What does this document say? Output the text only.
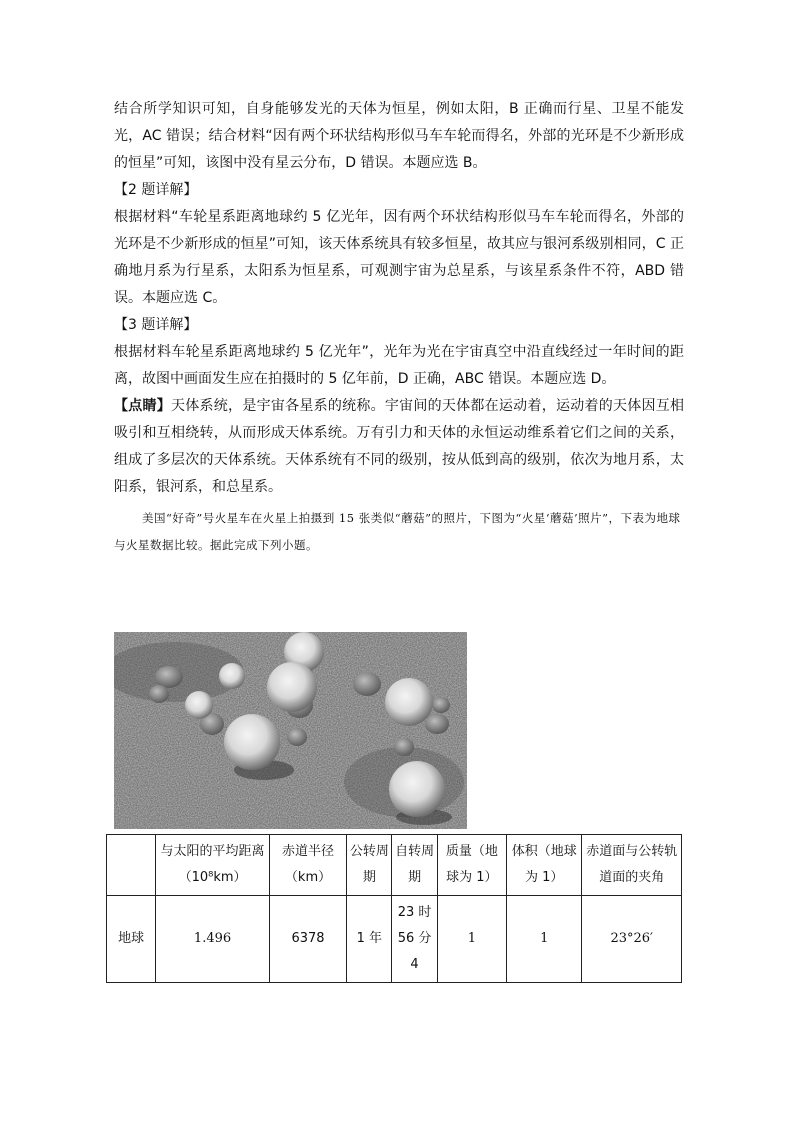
结合所学知识可知，自身能够发光的天体为恒星，例如太阳，B 正确而行星、卫星不能发光，AC 错误；结合材料“因有两个环状结构形似马车车轮而得名，外部的光环是不少新形成的恒星”可知，该图中没有星云分布，D 错误。本题应选 B。

【2 题详解】

根据材料“车轮星系距离地球约 5 亿光年，因有两个环状结构形似马车车轮而得名，外部的光环是不少新形成的恒星”可知，该天体系统具有较多恒星，故其应与银河系级别相同，C 正确地月系为行星系，太阳系为恒星系，可观测宇宙为总星系，与该星系条件不符，ABD 错误。本题应选 C。

【3 题详解】

根据材料车轮星系距离地球约 5 亿光年”，光年为光在宇宙真空中沿直线经过一年时间的距离，故图中画面发生应在拍摄时的 5 亿年前，D 正确，ABC 错误。本题应选 D。

【点睛】天体系统，是宇宙各星系的统称。宇宙间的天体都在运动着，运动着的天体因互相吸引和互相绕转，从而形成天体系统。万有引力和天体的永恒运动维系着它们之间的关系，组成了多层次的天体系统。天体系统有不同的级别，按从低到高的级别，依次为地月系，太阳系，银河系，和总星系。

美国“好奇”号火星车在火星上拍摄到 15 张类似“蘑菇”的照片，下图为“火星‘蘑菇’照片”，下表为地球与火星数据比较。据此完成下列小题。

	与太阳的平均距离（10⁸km）	赤道半径（km）	公转周期	自转周期	质量（地球为 1）	体积（地球为 1）	赤道面与公转轨道面的夹角
地球	1.496	6378	1 年	23 时 56 分 4	1	1	23°26′
